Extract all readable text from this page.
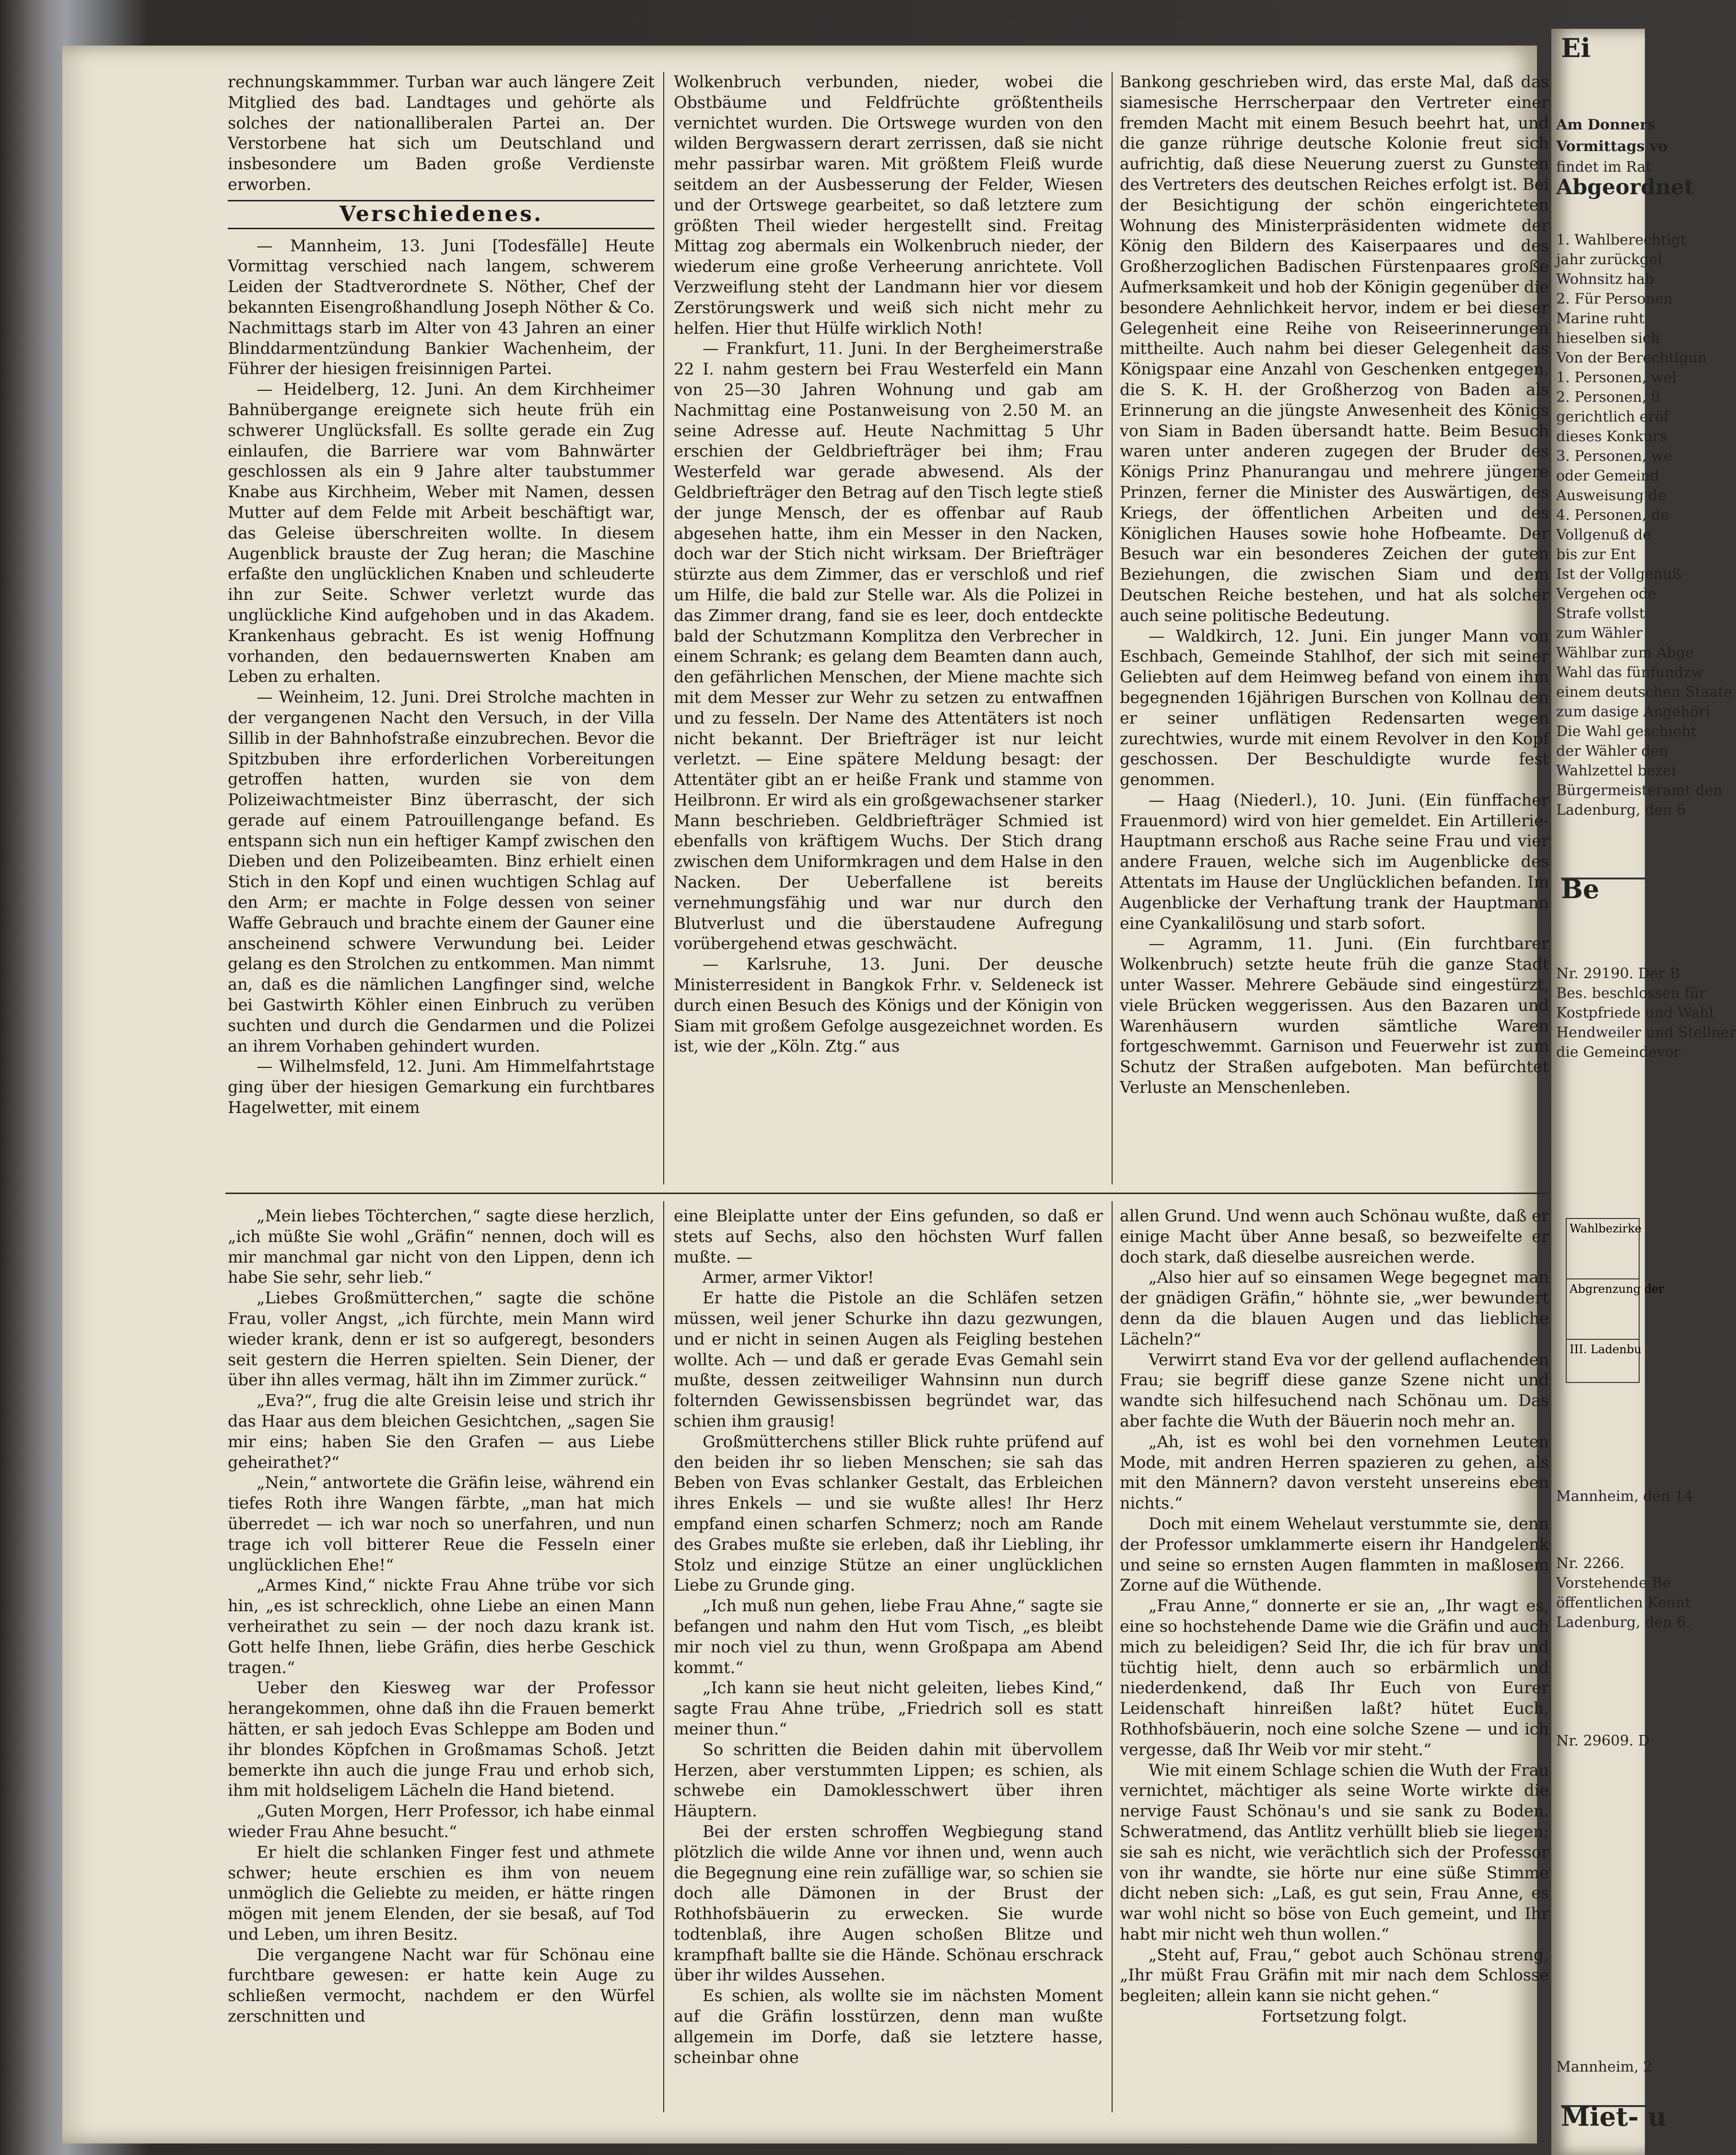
rechnungskammmer. Turban war auch längere Zeit Mitglied des bad. Landtages und gehörte als solches der nationalliberalen Partei an. Der Verstorbene hat sich um Deutschland und insbesondere um Baden große Verdienste erworben.

Verschiedenes.

— Mannheim, 13. Juni [Todesfälle] Heute Vormittag verschied nach langem, schwerem Leiden der Stadtverordnete S. Nöther, Chef der bekannten Eisengroßhandlung Joseph Nöther & Co. Nachmittags starb im Alter von 43 Jahren an einer Blinddarmentzündung Bankier Wachenheim, der Führer der hiesigen freisinnigen Partei.

— Heidelberg, 12. Juni. An dem Kirchheimer Bahnübergange ereignete sich heute früh ein schwerer Unglücksfall. Es sollte gerade ein Zug einlaufen, die Barriere war vom Bahnwärter geschlossen als ein 9 Jahre alter taubstummer Knabe aus Kirchheim, Weber mit Namen, dessen Mutter auf dem Felde mit Arbeit beschäftigt war, das Geleise überschreiten wollte. In diesem Augenblick brauste der Zug heran; die Maschine erfaßte den unglücklichen Knaben und schleuderte ihn zur Seite. Schwer verletzt wurde das unglückliche Kind aufgehoben und in das Akadem. Krankenhaus gebracht. Es ist wenig Hoffnung vorhanden, den bedauernswerten Knaben am Leben zu erhalten.

— Weinheim, 12. Juni. Drei Strolche machten in der vergangenen Nacht den Versuch, in der Villa Sillib in der Bahnhofstraße einzubrechen. Bevor die Spitzbuben ihre erforderlichen Vorbereitungen getroffen hatten, wurden sie von dem Polizeiwachtmeister Binz überrascht, der sich gerade auf einem Patrouillengange befand. Es entspann sich nun ein heftiger Kampf zwischen den Dieben und den Polizeibeamten. Binz erhielt einen Stich in den Kopf und einen wuchtigen Schlag auf den Arm; er machte in Folge dessen von seiner Waffe Gebrauch und brachte einem der Gauner eine anscheinend schwere Verwundung bei. Leider gelang es den Strolchen zu entkommen. Man nimmt an, daß es die nämlichen Langfinger sind, welche bei Gastwirth Köhler einen Einbruch zu verüben suchten und durch die Gendarmen und die Polizei an ihrem Vorhaben gehindert wurden.

— Wilhelmsfeld, 12. Juni. Am Himmelfahrtstage ging über der hiesigen Gemarkung ein furchtbares Hagelwetter, mit einem

Wolkenbruch verbunden, nieder, wobei die Obstbäume und Feldfrüchte größtentheils vernichtet wurden. Die Ortswege wurden von den wilden Bergwassern derart zerrissen, daß sie nicht mehr passirbar waren. Mit größtem Fleiß wurde seitdem an der Ausbesserung der Felder, Wiesen und der Ortswege gearbeitet, so daß letztere zum größten Theil wieder hergestellt sind. Freitag Mittag zog abermals ein Wolkenbruch nieder, der wiederum eine große Verheerung anrichtete. Voll Verzweiflung steht der Landmann hier vor diesem Zerstörungswerk und weiß sich nicht mehr zu helfen. Hier thut Hülfe wirklich Noth!

— Frankfurt, 11. Juni. In der Bergheimerstraße 22 I. nahm gestern bei Frau Westerfeld ein Mann von 25—30 Jahren Wohnung und gab am Nachmittag eine Postanweisung von 2.50 M. an seine Adresse auf. Heute Nachmittag 5 Uhr erschien der Geldbriefträger bei ihm; Frau Westerfeld war gerade abwesend. Als der Geldbriefträger den Betrag auf den Tisch legte stieß der junge Mensch, der es offenbar auf Raub abgesehen hatte, ihm ein Messer in den Nacken, doch war der Stich nicht wirksam. Der Briefträger stürzte aus dem Zimmer, das er verschloß und rief um Hilfe, die bald zur Stelle war. Als die Polizei in das Zimmer drang, fand sie es leer, doch entdeckte bald der Schutzmann Komplitza den Verbrecher in einem Schrank; es gelang dem Beamten dann auch, den gefährlichen Menschen, der Miene machte sich mit dem Messer zur Wehr zu setzen zu entwaffnen und zu fesseln. Der Name des Attentäters ist noch nicht bekannt. Der Briefträger ist nur leicht verletzt. — Eine spätere Meldung besagt: der Attentäter gibt an er heiße Frank und stamme von Heilbronn. Er wird als ein großgewachsener starker Mann beschrieben. Geldbriefträger Schmied ist ebenfalls von kräftigem Wuchs. Der Stich drang zwischen dem Uniformkragen und dem Halse in den Nacken. Der Ueberfallene ist bereits vernehmungsfähig und war nur durch den Blutverlust und die überstaudene Aufregung vorübergehend etwas geschwächt.

— Karlsruhe, 13. Juni. Der deusche Ministerresident in Bangkok Frhr. v. Seldeneck ist durch einen Besuch des Königs und der Königin von Siam mit großem Gefolge ausgezeichnet worden. Es ist, wie der „Köln. Ztg.“ aus

Bankong geschrieben wird, das erste Mal, daß das siamesische Herrscherpaar den Vertreter einer fremden Macht mit einem Besuch beehrt hat, und die ganze rührige deutsche Kolonie freut sich aufrichtig, daß diese Neuerung zuerst zu Gunsten des Vertreters des deutschen Reiches erfolgt ist. Bei der Besichtigung der schön eingerichteten Wohnung des Ministerpräsidenten widmete der König den Bildern des Kaiserpaares und des Großherzoglichen Badischen Fürstenpaares große Aufmerksamkeit und hob der Königin gegenüber die besondere Aehnlichkeit hervor, indem er bei dieser Gelegenheit eine Reihe von Reiseerinnerungen mittheilte. Auch nahm bei dieser Gelegenheit das Königspaar eine Anzahl von Geschenken entgegen, die S. K. H. der Großherzog von Baden als Erinnerung an die jüngste Anwesenheit des Königs von Siam in Baden übersandt hatte. Beim Besuch waren unter anderen zugegen der Bruder des Königs Prinz Phanurangau und mehrere jüngere Prinzen, ferner die Minister des Auswärtigen, des Kriegs, der öffentlichen Arbeiten und des Königlichen Hauses sowie hohe Hofbeamte. Der Besuch war ein besonderes Zeichen der guten Beziehungen, die zwischen Siam und dem Deutschen Reiche bestehen, und hat als solcher auch seine politische Bedeutung.

— Waldkirch, 12. Juni. Ein junger Mann von Eschbach, Gemeinde Stahlhof, der sich mit seiner Geliebten auf dem Heimweg befand von einem ihm begegnenden 16jährigen Burschen von Kollnau den er seiner unflätigen Redensarten wegen zurechtwies, wurde mit einem Revolver in den Kopf geschossen. Der Beschuldigte wurde fest genommen.

— Haag (Niederl.), 10. Juni. (Ein fünffacher Frauenmord) wird von hier gemeldet. Ein Artillerie-Hauptmann erschoß aus Rache seine Frau und vier andere Frauen, welche sich im Augenblicke des Attentats im Hause der Unglücklichen befanden. Im Augenblicke der Verhaftung trank der Hauptmann eine Cyankalilösung und starb sofort.

— Agramm, 11. Juni. (Ein furchtbarer Wolkenbruch) setzte heute früh die ganze Stadt unter Wasser. Mehrere Gebäude sind eingestürzt, viele Brücken weggerissen. Aus den Bazaren und Warenhäusern wurden sämtliche Waren fortgeschwemmt. Garnison und Feuerwehr ist zum Schutz der Straßen aufgeboten. Man befürchtet Verluste an Menschenleben.

„Mein liebes Töchterchen,“ sagte diese herzlich, „ich müßte Sie wohl „Gräfin“ nennen, doch will es mir manchmal gar nicht von den Lippen, denn ich habe Sie sehr, sehr lieb.“

„Liebes Großmütterchen,“ sagte die schöne Frau, voller Angst, „ich fürchte, mein Mann wird wieder krank, denn er ist so aufgeregt, besonders seit gestern die Herren spielten. Sein Diener, der über ihn alles vermag, hält ihn im Zimmer zurück.“

„Eva?“, frug die alte Greisin leise und strich ihr das Haar aus dem bleichen Gesichtchen, „sagen Sie mir eins; haben Sie den Grafen — aus Liebe geheirathet?“

„Nein,“ antwortete die Gräfin leise, während ein tiefes Roth ihre Wangen färbte, „man hat mich überredet — ich war noch so unerfahren, und nun trage ich voll bitterer Reue die Fesseln einer unglücklichen Ehe!“

„Armes Kind,“ nickte Frau Ahne trübe vor sich hin, „es ist schrecklich, ohne Liebe an einen Mann verheirathet zu sein — der noch dazu krank ist. Gott helfe Ihnen, liebe Gräfin, dies herbe Geschick tragen.“

Ueber den Kiesweg war der Professor herangekommen, ohne daß ihn die Frauen bemerkt hätten, er sah jedoch Evas Schleppe am Boden und ihr blondes Köpfchen in Großmamas Schoß. Jetzt bemerkte ihn auch die junge Frau und erhob sich, ihm mit holdseligem Lächeln die Hand bietend.

„Guten Morgen, Herr Professor, ich habe einmal wieder Frau Ahne besucht.“

Er hielt die schlanken Finger fest und athmete schwer; heute erschien es ihm von neuem unmöglich die Geliebte zu meiden, er hätte ringen mögen mit jenem Elenden, der sie besaß, auf Tod und Leben, um ihren Besitz.

Die vergangene Nacht war für Schönau eine furchtbare gewesen: er hatte kein Auge zu schließen vermocht, nachdem er den Würfel zerschnitten und

eine Bleiplatte unter der Eins gefunden, so daß er stets auf Sechs, also den höchsten Wurf fallen mußte. —

Armer, armer Viktor!

Er hatte die Pistole an die Schläfen setzen müssen, weil jener Schurke ihn dazu gezwungen, und er nicht in seinen Augen als Feigling bestehen wollte. Ach — und daß er gerade Evas Gemahl sein mußte, dessen zeitweiliger Wahnsinn nun durch folternden Gewissensbissen begründet war, das schien ihm grausig!

Großmütterchens stiller Blick ruhte prüfend auf den beiden ihr so lieben Menschen; sie sah das Beben von Evas schlanker Gestalt, das Erbleichen ihres Enkels — und sie wußte alles! Ihr Herz empfand einen scharfen Schmerz; noch am Rande des Grabes mußte sie erleben, daß ihr Liebling, ihr Stolz und einzige Stütze an einer unglücklichen Liebe zu Grunde ging.

„Ich muß nun gehen, liebe Frau Ahne,“ sagte sie befangen und nahm den Hut vom Tisch, „es bleibt mir noch viel zu thun, wenn Großpapa am Abend kommt.“

„Ich kann sie heut nicht geleiten, liebes Kind,“ sagte Frau Ahne trübe, „Friedrich soll es statt meiner thun.“

So schritten die Beiden dahin mit übervollem Herzen, aber verstummten Lippen; es schien, als schwebe ein Damoklesschwert über ihren Häuptern.

Bei der ersten schroffen Wegbiegung stand plötzlich die wilde Anne vor ihnen und, wenn auch die Begegnung eine rein zufällige war, so schien sie doch alle Dämonen in der Brust der Rothhofsbäuerin zu erwecken. Sie wurde todtenblaß, ihre Augen schoßen Blitze und krampfhaft ballte sie die Hände. Schönau erschrack über ihr wildes Aussehen.

Es schien, als wollte sie im nächsten Moment auf die Gräfin losstürzen, denn man wußte allgemein im Dorfe, daß sie letztere hasse, scheinbar ohne

allen Grund. Und wenn auch Schönau wußte, daß er einige Macht über Anne besaß, so bezweifelte er doch stark, daß dieselbe ausreichen werde.

„Also hier auf so einsamen Wege begegnet man der gnädigen Gräfin,“ höhnte sie, „wer bewundert denn da die blauen Augen und das liebliche Lächeln?“

Verwirrt stand Eva vor der gellend auflachenden Frau; sie begriff diese ganze Szene nicht und wandte sich hilfesuchend nach Schönau um. Das aber fachte die Wuth der Bäuerin noch mehr an.

„Ah, ist es wohl bei den vornehmen Leuten Mode, mit andren Herren spazieren zu gehen, als mit den Männern? davon versteht unsereins eben nichts.“

Doch mit einem Wehelaut verstummte sie, denn der Professor umklammerte eisern ihr Handgelenk und seine so ernsten Augen flammten in maßlosem Zorne auf die Wüthende.

„Frau Anne,“ donnerte er sie an, „Ihr wagt es, eine so hochstehende Dame wie die Gräfin und auch mich zu beleidigen? Seid Ihr, die ich für brav und tüchtig hielt, denn auch so erbärmlich und niederdenkend, daß Ihr Euch von Eurer Leidenschaft hinreißen laßt? hütet Euch, Rothhofsbäuerin, noch eine solche Szene — und ich vergesse, daß Ihr Weib vor mir steht.“

Wie mit einem Schlage schien die Wuth der Frau vernichtet, mächtiger als seine Worte wirkte die nervige Faust Schönau's und sie sank zu Boden. Schweratmend, das Antlitz verhüllt blieb sie liegen; sie sah es nicht, wie verächtlich sich der Professor von ihr wandte, sie hörte nur eine süße Stimme dicht neben sich: „Laß, es gut sein, Frau Anne, es war wohl nicht so böse von Euch gemeint, und Ihr habt mir nicht weh thun wollen.“

„Steht auf, Frau,“ gebot auch Schönau streng, „Ihr müßt Frau Gräfin mit mir nach dem Schlosse begleiten; allein kann sie nicht gehen.“

Fortsetzung folgt.

Ei
Am Donners
Vormittags vo
findet im Rat
Abgeordnet
1. Wahlberechtigt
jahr zurückgel
Wohnsitz hab
2. Für Personen
Marine ruht
hieselben sich
Von der Berechtigun
1. Personen, wel
2. Personen, ü
gerichtlich eröf
dieses Konkurs
3. Personen, we
oder Gemeind
Ausweisung de
4. Personen, de
Vollgenuß de
bis zur Ent
Ist der Vollgenuß
Vergehen ode
Strafe vollst
zum Wähler
Wählbar zum Abge
Wahl das fünfundzw
einem deutschen Staate
zum dasige Angehöri
Die Wahl geschieht
der Wähler den
Wahlzettel bezei
Bürgermeisteramt den
Ladenburg, den 6
Be
Nr. 29190. Der B
Bes. beschlossen für
Kostpfriede und Wahl
Hendweiler und Stellner
die Gemeindevor
Wahlbezirke
Abgrenzung der
III. Ladenbu
Mannheim, den 14
Nr. 2266.
Vorstehende Be
öffentlichen Kennt
Ladenburg, den 6.
Nr. 29609. D
Mannheim, 2
Miet- u
